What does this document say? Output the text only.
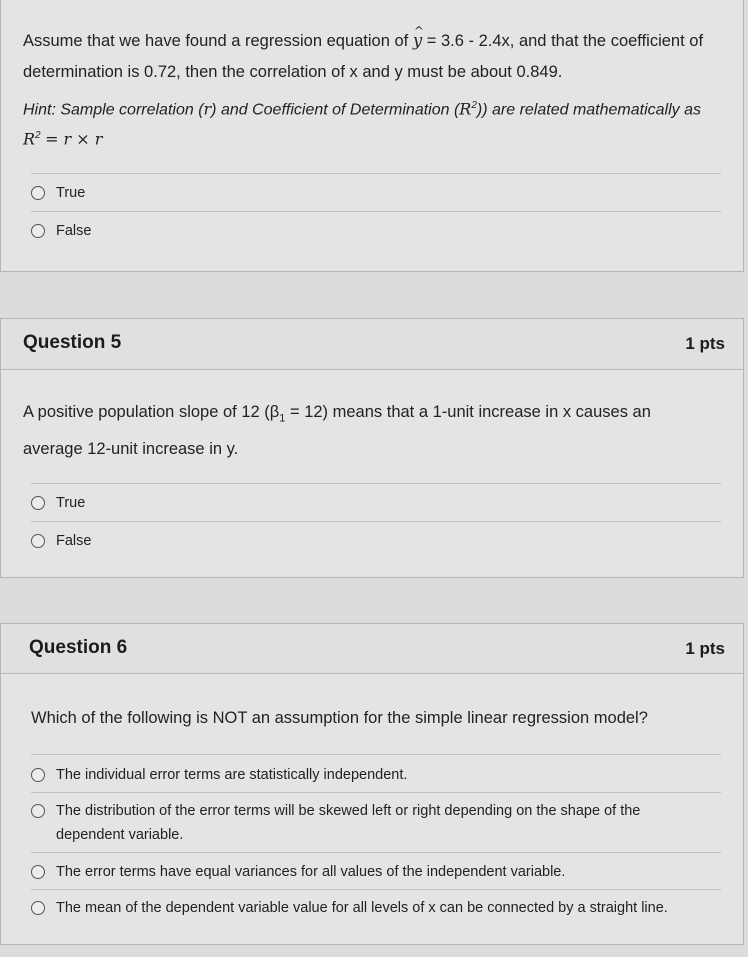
Assume that we have found a regression equation of ^ y = 3.6 - 2.4x, and that the coefficient of
determination is 0.72, then the correlation of x and y must be about 0.849.
Hint: Sample correlation (r) and Coefficient of Determination $(R^2)$) are related mathematically as
$R^2 = r \times r$
True
False
Question 5	1 pts
A positive population slope of 12 $(\beta_1 = 12)$ means that a 1-unit increase in x causes an
average 12-unit increase in y.
True
False
Question 6	1 pts
Which of the following is NOT an assumption for the simple linear regression model?
The individual error terms are statistically independent.
The distribution of the error terms will be skewed left or right depending on the shape of the
dependent variable.
The error terms have equal variances for all values of the independent variable.
The mean of the dependent variable value for all levels of x can be connected by a straight line.
